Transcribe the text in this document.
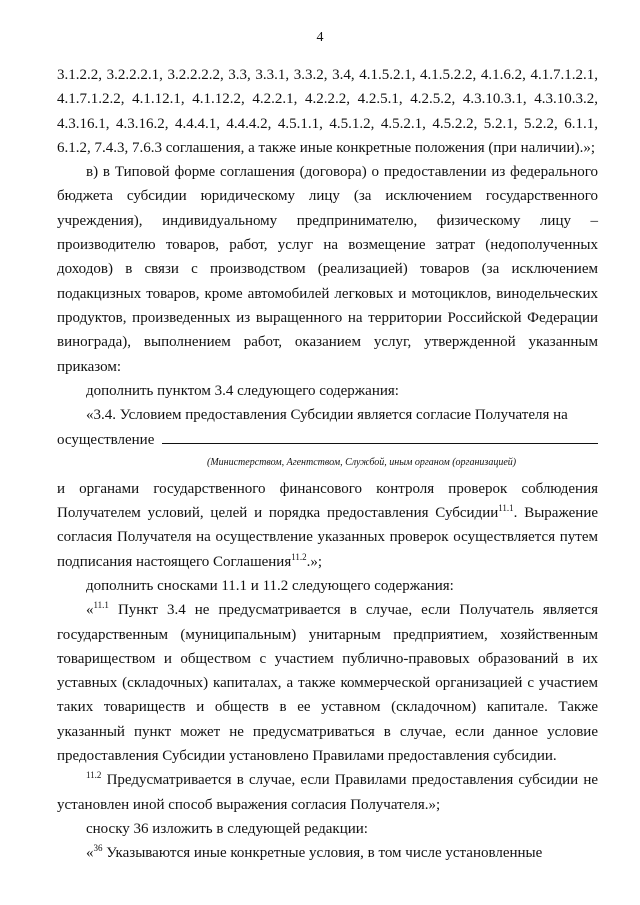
4

3.1.2.2, 3.2.2.2.1, 3.2.2.2.2, 3.3, 3.3.1, 3.3.2, 3.4, 4.1.5.2.1, 4.1.5.2.2, 4.1.6.2, 4.1.7.1.2.1, 4.1.7.1.2.2, 4.1.12.1, 4.1.12.2, 4.2.2.1, 4.2.2.2, 4.2.5.1, 4.2.5.2, 4.3.10.3.1, 4.3.10.3.2, 4.3.16.1, 4.3.16.2, 4.4.4.1, 4.4.4.2, 4.5.1.1, 4.5.1.2, 4.5.2.1, 4.5.2.2, 5.2.1, 5.2.2, 6.1.1, 6.1.2, 7.4.3, 7.6.3 соглашения, а также иные конкретные положения (при наличии).»;

в) в Типовой форме соглашения (договора) о предоставлении из федерального бюджета субсидии юридическому лицу (за исключением государственного учреждения), индивидуальному предпринимателю, физическому лицу – производителю товаров, работ, услуг на возмещение затрат (недополученных доходов) в связи с производством (реализацией) товаров (за исключением подакцизных товаров, кроме автомобилей легковых и мотоциклов, винодельческих продуктов, произведенных из выращенного на территории Российской Федерации винограда), выполнением работ, оказанием услуг, утвержденной указанным приказом:

дополнить пунктом 3.4 следующего содержания:

«3.4. Условием предоставления Субсидии является согласие Получателя на

осуществление
(Министерством, Агентством, Службой, иным органом (организацией)

и органами государственного финансового контроля проверок соблюдения Получателем условий, целей и порядка предоставления Субсидии$^{11.1}$. Выражение согласия Получателя на осуществление указанных проверок осуществляется путем подписания настоящего Соглашения$^{11.2}$.»;

дополнить сносками 11.1 и 11.2 следующего содержания:

«$^{11.1}$ Пункт 3.4 не предусматривается в случае, если Получатель является государственным (муниципальным) унитарным предприятием, хозяйственным товариществом и обществом с участием публично-правовых образований в их уставных (складочных) капиталах, а также коммерческой организацией с участием таких товариществ и обществ в ее уставном (складочном) капитале. Также указанный пункт может не предусматриваться в случае, если данное условие предоставления Субсидии установлено Правилами предоставления субсидии.

$^{11.2}$ Предусматривается в случае, если Правилами предоставления субсидии не установлен иной способ выражения согласия Получателя.»;

сноску 36 изложить в следующей редакции:

«$^{36}$ Указываются иные конкретные условия, в том числе установленные
